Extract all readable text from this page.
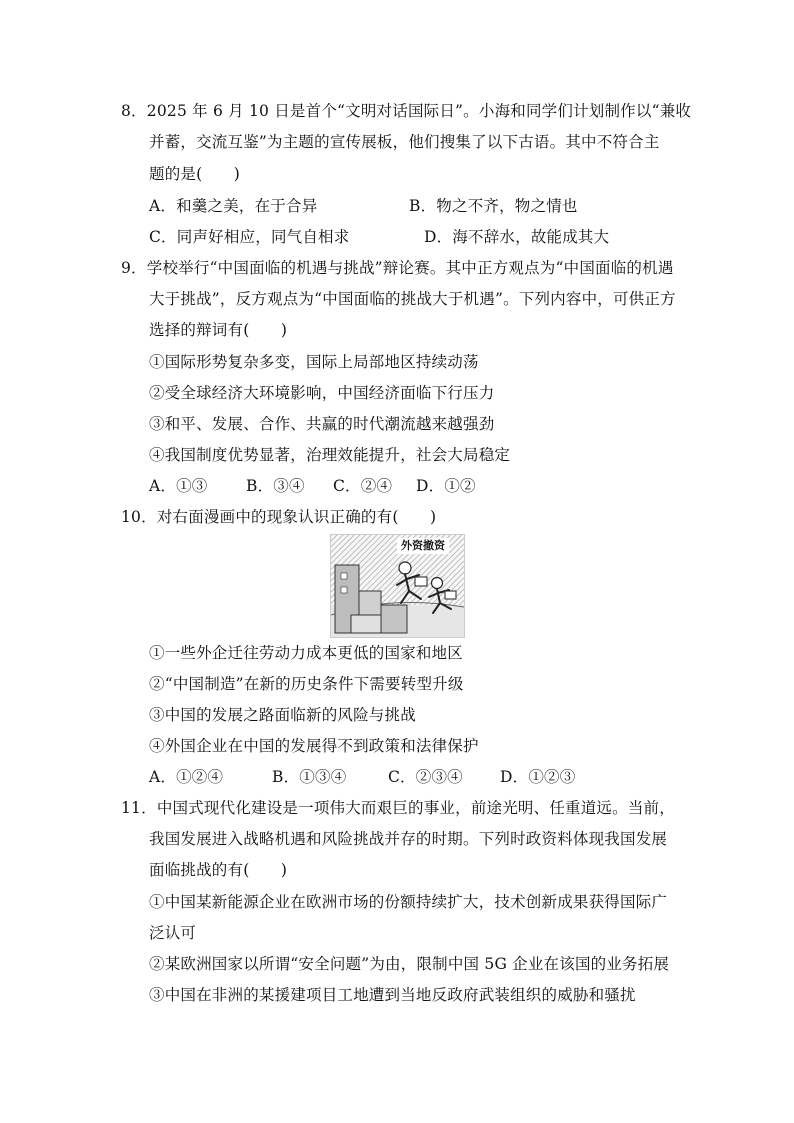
8．2025 年 6 月 10 日是首个“文明对话国际日”。小海和同学们计划制作以“兼收
并蓄，交流互鉴”为主题的宣传展板，他们搜集了以下古语。其中不符合主
题的是(　　)
A．和羹之美，在于合异	B．物之不齐，物之情也
C．同声好相应，同气自相求	D．海不辞水，故能成其大
9．学校举行“中国面临的机遇与挑战”辩论赛。其中正方观点为“中国面临的机遇
大于挑战”，反方观点为“中国面临的挑战大于机遇”。下列内容中，可供正方
选择的辩词有(　　)
①国际形势复杂多变，国际上局部地区持续动荡
②受全球经济大环境影响，中国经济面临下行压力
③和平、发展、合作、共赢的时代潮流越来越强劲
④我国制度优势显著，治理效能提升，社会大局稳定
A．①③ B．③④ C．②④ D．①②
10．对右面漫画中的现象认识正确的有(　　)
外资撤资
①一些外企迁往劳动力成本更低的国家和地区
②“中国制造”在新的历史条件下需要转型升级
③中国的发展之路面临新的风险与挑战
④外国企业在中国的发展得不到政策和法律保护
A．①②④	B．①③④	C．②③④ D．①②③
11．中国式现代化建设是一项伟大而艰巨的事业，前途光明、任重道远。当前，
我国发展进入战略机遇和风险挑战并存的时期。下列时政资料体现我国发展
面临挑战的有(　　)
①中国某新能源企业在欧洲市场的份额持续扩大，技术创新成果获得国际广
泛认可
②某欧洲国家以所谓“安全问题”为由，限制中国 5G 企业在该国的业务拓展
③中国在非洲的某援建项目工地遭到当地反政府武装组织的威胁和骚扰
